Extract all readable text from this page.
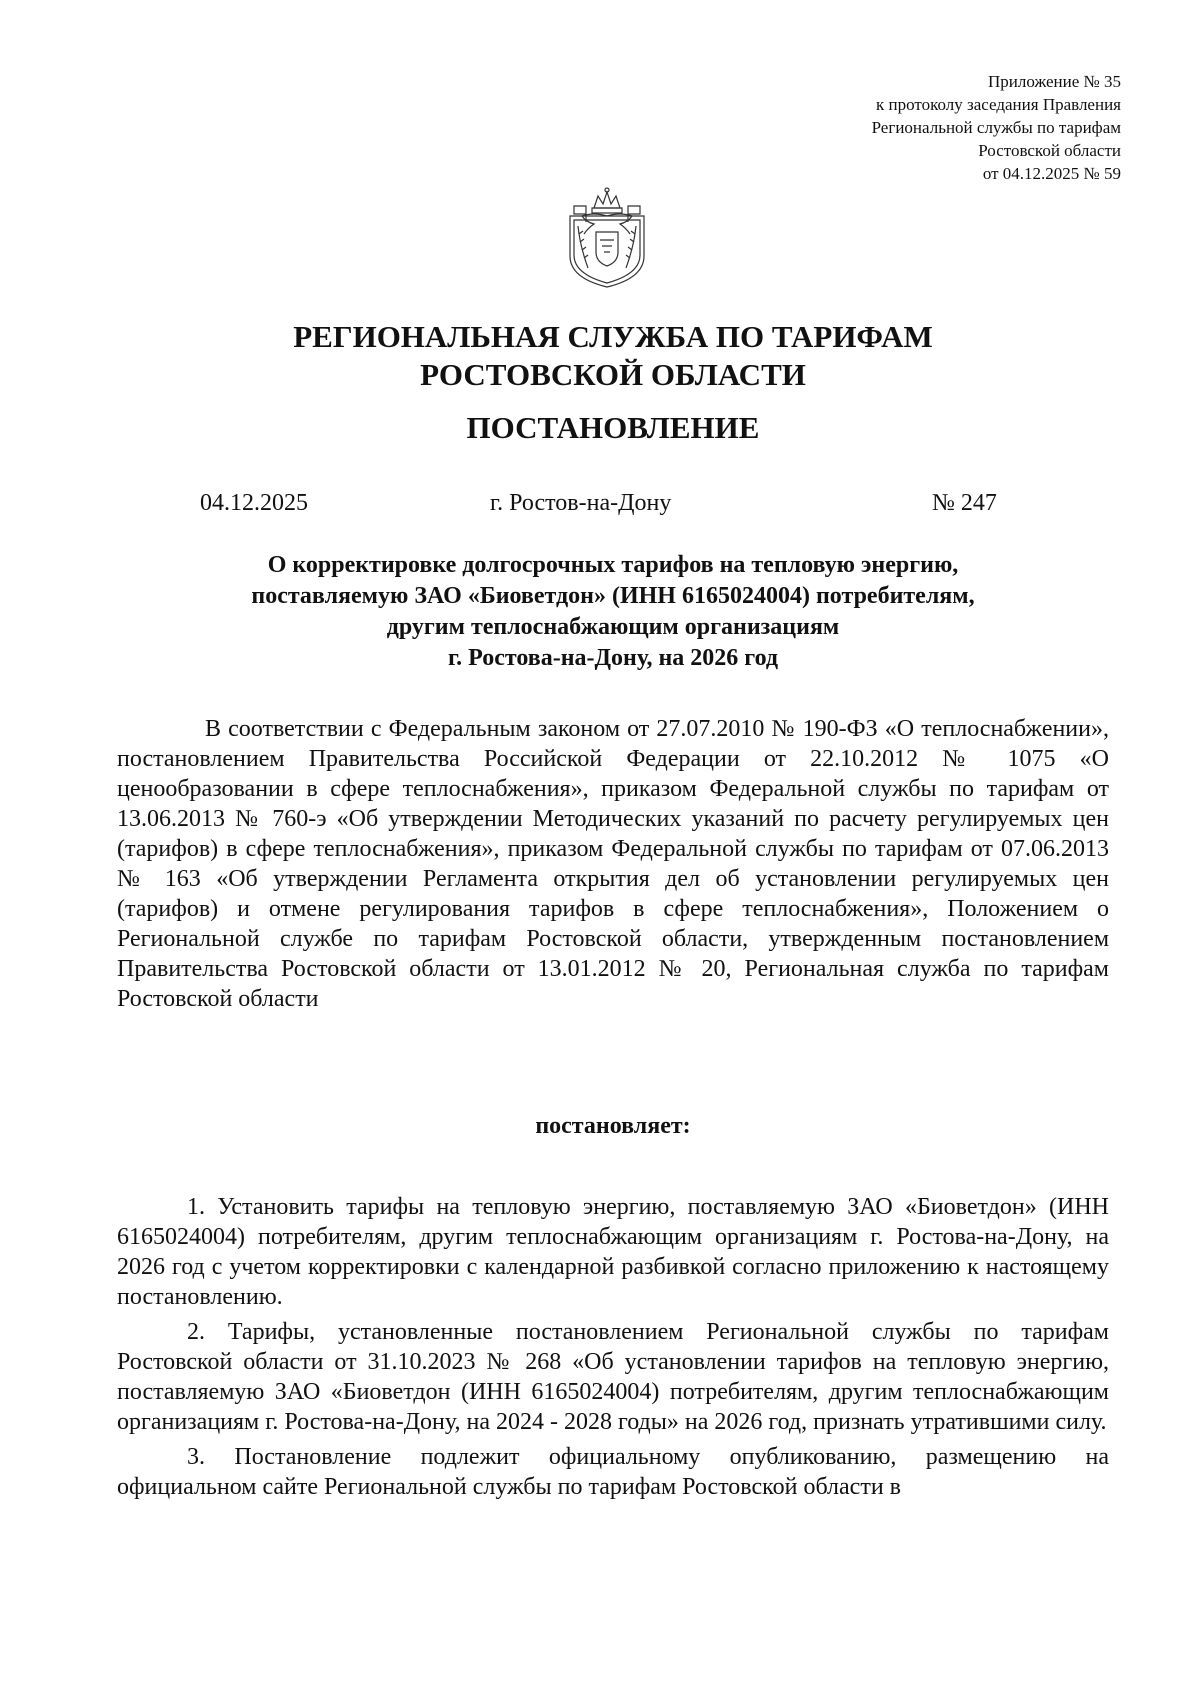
Приложение № 35
к протоколу заседания Правления
Региональной службы по тарифам
Ростовской области
от 04.12.2025 № 59
РЕГИОНАЛЬНАЯ СЛУЖБА ПО ТАРИФАМ
РОСТОВСКОЙ ОБЛАСТИ
ПОСТАНОВЛЕНИЕ
04.12.2025	г. Ростов-на-Дону	№ 247
О корректировке долгосрочных тарифов на тепловую энергию,
поставляемую ЗАО «Биоветдон» (ИНН 6165024004) потребителям,
другим теплоснабжающим организациям
г. Ростова-на-Дону, на 2026 год

В соответствии с Федеральным законом от 27.07.2010 № 190-ФЗ «О теплоснабжении», постановлением Правительства Российской Федерации от 22.10.2012 № 1075 «О ценообразовании в сфере теплоснабжения», приказом Федеральной службы по тарифам от 13.06.2013 № 760-э «Об утверждении Методических указаний по расчету регулируемых цен (тарифов) в сфере теплоснабжения», приказом Федеральной службы по тарифам от 07.06.2013 № 163 «Об утверждении Регламента открытия дел об установлении регулируемых цен (тарифов) и отмене регулирования тарифов в сфере теплоснабжения», Положением о Региональной службе по тарифам Ростовской области, утвержденным постановлением Правительства Ростовской области от 13.01.2012 № 20, Региональная служба по тарифам Ростовской области

постановляет:

1. Установить тарифы на тепловую энергию, поставляемую ЗАО «Биоветдон» (ИНН 6165024004) потребителям, другим теплоснабжающим организациям г. Ростова-на-Дону, на 2026 год с учетом корректировки с календарной разбивкой согласно приложению к настоящему постановлению.

2. Тарифы, установленные постановлением Региональной службы по тарифам Ростовской области от 31.10.2023 № 268 «Об установлении тарифов на тепловую энергию, поставляемую ЗАО «Биоветдон (ИНН 6165024004) потребителям, другим теплоснабжающим организациям г. Ростова-на-Дону, на 2024 - 2028 годы» на 2026 год, признать утратившими силу.

3. Постановление подлежит официальному опубликованию, размещению на официальном сайте Региональной службы по тарифам Ростовской области в
